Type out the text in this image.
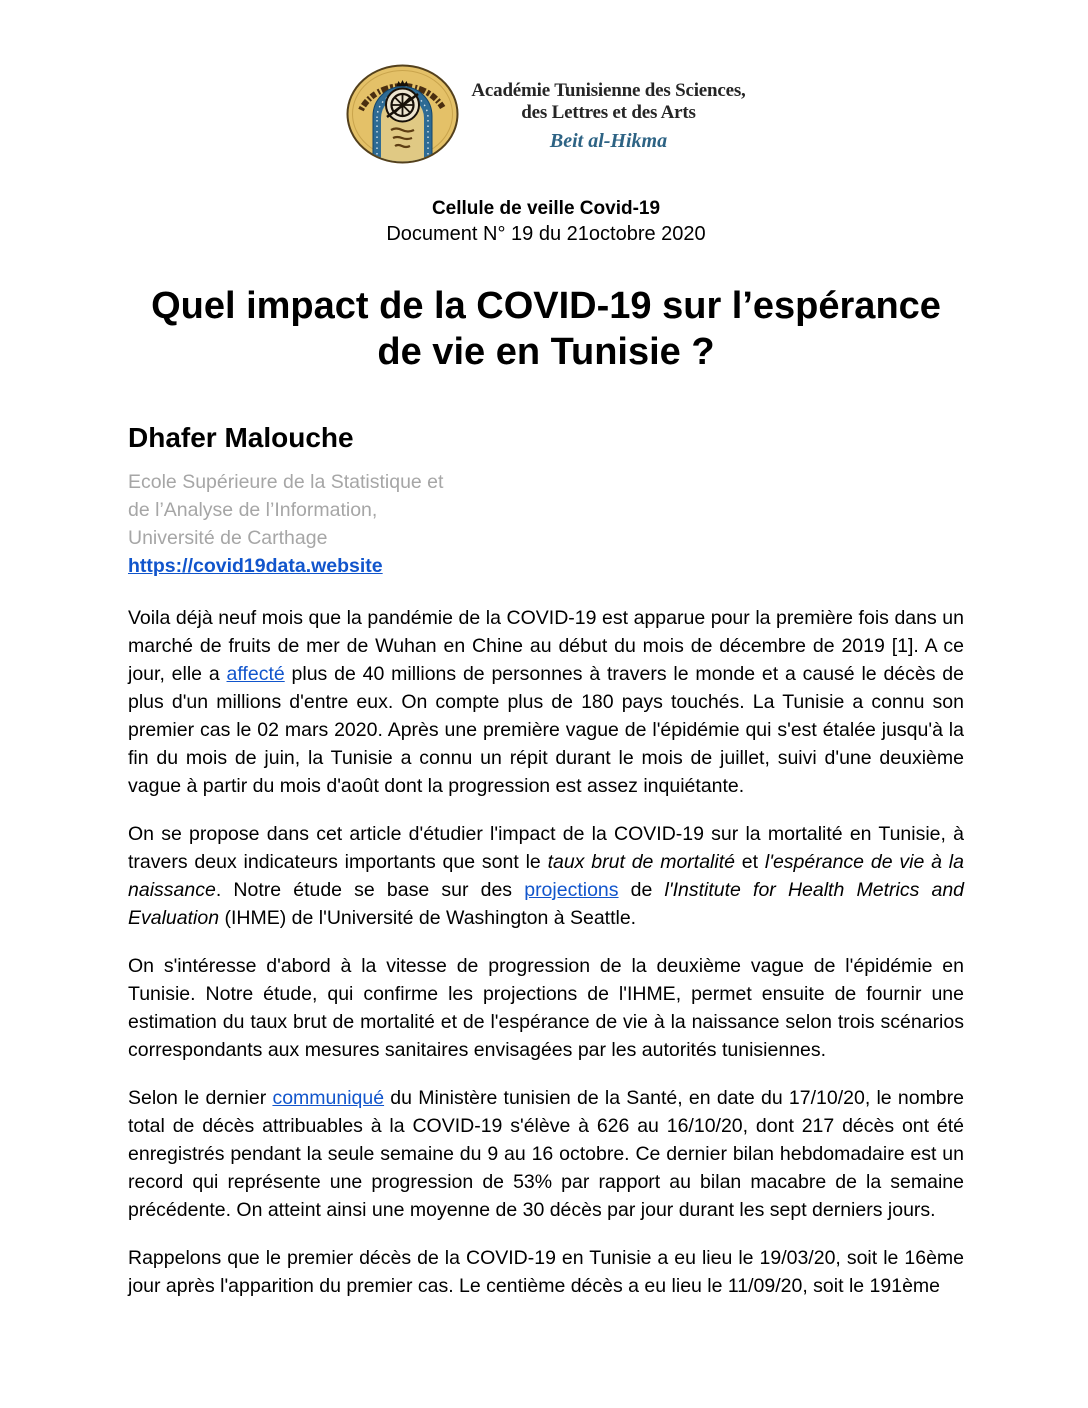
Académie Tunisienne des Sciences,
des Lettres et des Arts
Beit al-Hikma
Cellule de veille Covid-19
Document N° 19 du 21octobre 2020
Quel impact de la COVID-19 sur l’espérance de vie en Tunisie ?
Dhafer Malouche
Ecole Supérieure de la Statistique et
de l’Analyse de l’Information,
Université de Carthage
https://covid19data.website

Voila déjà neuf mois que la pandémie de la COVID-19 est apparue pour la première fois dans un marché de fruits de mer de Wuhan en Chine au début du mois de décembre de 2019 [1]. A ce jour, elle a affecté plus de 40 millions de personnes à travers le monde et a causé le décès de plus d'un millions d'entre eux. On compte plus de 180 pays touchés. La Tunisie a connu son premier cas le 02 mars 2020. Après une première vague de l'épidémie qui s'est étalée jusqu'à la fin du mois de juin, la Tunisie a connu un répit durant le mois de juillet, suivi d'une deuxième vague à partir du mois d'août dont la progression est assez inquiétante.

On se propose dans cet article d'étudier l'impact de la COVID-19 sur la mortalité en Tunisie, à travers deux indicateurs importants que sont le taux brut de mortalité et l'espérance de vie à la naissance. Notre étude se base sur des projections de l'Institute for Health Metrics and Evaluation (IHME) de l'Université de Washington à Seattle.

On s'intéresse d'abord à la vitesse de progression de la deuxième vague de l'épidémie en Tunisie. Notre étude, qui confirme les projections de l'IHME, permet ensuite de fournir une estimation du taux brut de mortalité et de l'espérance de vie à la naissance selon trois scénarios correspondants aux mesures sanitaires envisagées par les autorités tunisiennes.

Selon le dernier communiqué du Ministère tunisien de la Santé, en date du 17/10/20, le nombre total de décès attribuables à la COVID-19 s'élève à 626 au 16/10/20, dont 217 décès ont été enregistrés pendant la seule semaine du 9 au 16 octobre. Ce dernier bilan hebdomadaire est un record qui représente une progression de 53% par rapport au bilan macabre de la semaine précédente. On atteint ainsi une moyenne de 30 décès par jour durant les sept derniers jours.

Rappelons que le premier décès de la COVID-19 en Tunisie a eu lieu le 19/03/20, soit le 16ème jour après l'apparition du premier cas. Le centième décès a eu lieu le 11/09/20, soit le 191ème
